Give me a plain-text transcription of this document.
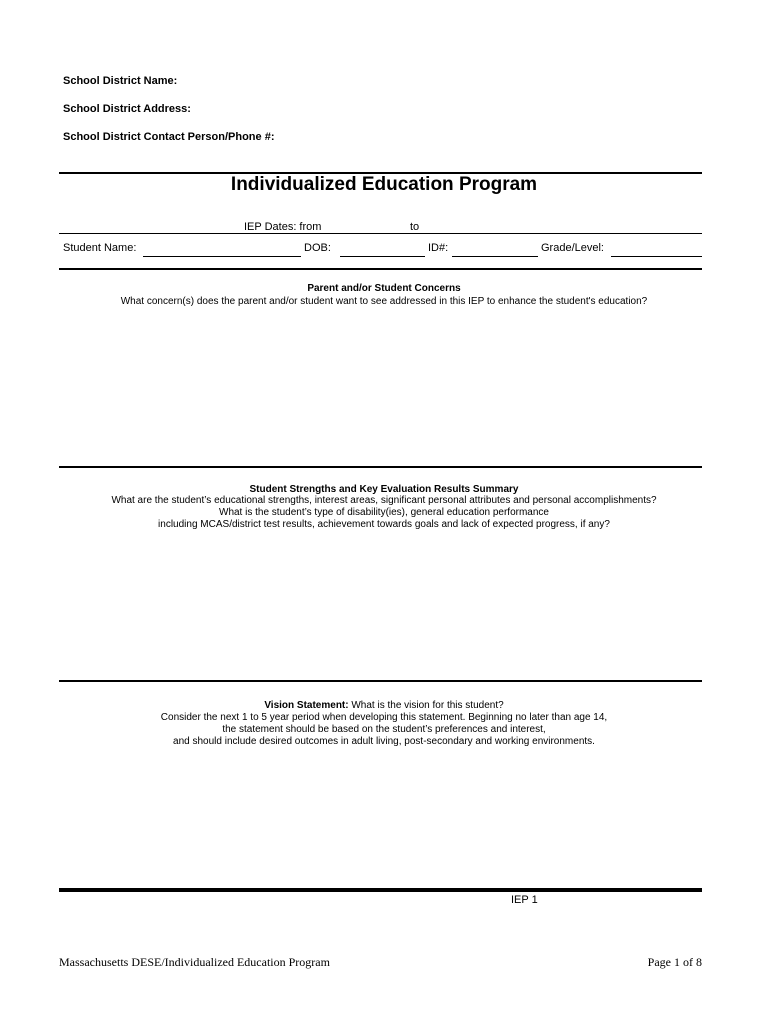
School District Name:
School District Address:
School District Contact Person/Phone #:
Individualized Education Program
IEP Dates: from	to
Student Name:	DOB:	ID#:	Grade/Level:
Parent and/or Student Concerns
What concern(s) does the parent and/or student want to see addressed in this IEP to enhance the student's education?
Student Strengths and Key Evaluation Results Summary
What are the student’s educational strengths, interest areas, significant personal attributes and personal accomplishments?
What is the student’s type of disability(ies), general education performance
including MCAS/district test results, achievement towards goals and lack of expected progress, if any?
Vision Statement: What is the vision for this student?
Consider the next 1 to 5 year period when developing this statement. Beginning no later than age 14,
the statement should be based on the student’s preferences and interest,
and should include desired outcomes in adult living, post-secondary and working environments.
IEP 1
Massachusetts DESE/Individualized Education Program	Page 1 of 8
